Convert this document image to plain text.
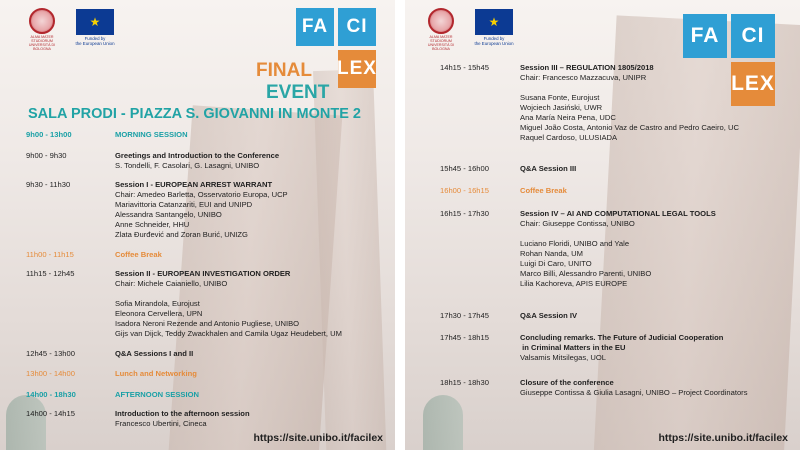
ALMA MATER STUDIORUM
UNIVERSITÀ DI BOLOGNA
★
Funded by
the European Union
FA CI
LEX
FINAL
EVENT
SALA PRODI - PIAZZA S. GIOVANNI IN MONTE 2
9h00 - 13h00	MORNING SESSION
9h00 - 9h30	Greetings and Introduction to the Conference
S. Tondelli, F. Casolari, G. Lasagni, UNIBO
9h30 - 11h30	Session I - EUROPEAN ARREST WARRANT
Chair: Amedeo Barletta, Osservatorio Europa, UCP
Mariavittoria Catanzariti, EUI and UNIPD
Alessandra Santangelo, UNIBO
Anne Schneider, HHU
Zlata Đurđević and Zoran Burić, UNIZG
11h00 - 11h15	Coffee Break
11h15 - 12h45	Session II - EUROPEAN INVESTIGATION ORDER
Chair: Michele Caianiello, UNIBO
Sofia Mirandola, Eurojust
Eleonora Cervellera, UPN
Isadora Neroni Rezende and Antonio Pugliese, UNIBO
Gijs van Dijck, Teddy Zwackhalen and Camila Ugaz Heudebert, UM
12h45 - 13h00	Q&A Sessions I and II
13h00 - 14h00	Lunch and Networking
14h00 - 18h30	AFTERNOON SESSION
14h00 - 14h15	Introduction to the afternoon session
Francesco Ubertini, Cineca
https://site.unibo.it/facilex
ALMA MATER STUDIORUM
UNIVERSITÀ DI BOLOGNA
★
Funded by
the European Union	FA	CI
LEX
14h15 - 15h45	Session III – REGULATION 1805/2018
Chair: Francesco Mazzacuva, UNIPR
Susana Fonte, Eurojust
Wojciech Jasiński, UWR
Ana María Neira Pena, UDC
Miguel João Costa, Antonio Vaz de Castro and Pedro Caeiro, UC
Raquel Cardoso, ULUSIADA
15h45 - 16h00	Q&A Session III
16h00 - 16h15	Coffee Break
16h15 - 17h30	Session IV – AI AND COMPUTATIONAL LEGAL TOOLS
Chair: Giuseppe Contissa, UNIBO
Luciano Floridi, UNIBO and Yale
Rohan Nanda, UM
Luigi Di Caro, UNITO
Marco Billi, Alessandro Parenti, UNIBO
Lilia Kachoreva, APIS EUROPE
17h30 - 17h45	Q&A Session IV
17h45 - 18h15	Concluding remarks. The Future of Judicial Cooperation
in Criminal Matters in the EU
Valsamis Mitsilegas, UOL
18h15 - 18h30	Closure of the conference
Giuseppe Contissa & Giulia Lasagni, UNIBO – Project Coordinators
https://site.unibo.it/facilex
